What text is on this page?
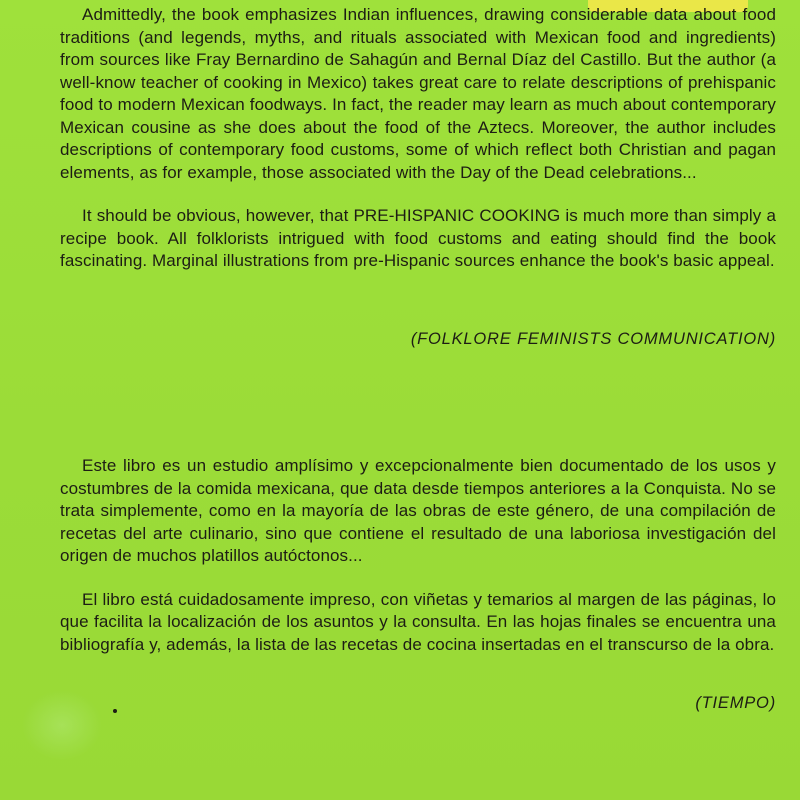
Admittedly, the book emphasizes Indian influences, drawing considerable data about food traditions (and legends, myths, and rituals associated with Mexican food and ingredients) from sources like Fray Bernardino de Sahagún and Bernal Díaz del Castillo. But the author (a well-know teacher of cooking in Mexico) takes great care to relate descriptions of prehispanic food to modern Mexican foodways. In fact, the reader may learn as much about contemporary Mexican cousine as she does about the food of the Aztecs. Moreover, the author includes descriptions of contemporary food customs, some of which reflect both Christian and pagan elements, as for example, those associated with the Day of the Dead celebrations...

It should be obvious, however, that PRE-HISPANIC COOKING is much more than simply a recipe book. All folklorists intrigued with food customs and eating should find the book fascinating. Marginal illustrations from pre-Hispanic sources enhance the book's basic appeal.

(FOLKLORE FEMINISTS COMMUNICATION)

Este libro es un estudio amplísimo y excepcionalmente bien documentado de los usos y costumbres de la comida mexicana, que data desde tiempos anteriores a la Conquista. No se trata simplemente, como en la mayoría de las obras de este género, de una compilación de recetas del arte culinario, sino que contiene el resultado de una laboriosa investigación del origen de muchos platillos autóctonos...

El libro está cuidadosamente impreso, con viñetas y temarios al margen de las páginas, lo que facilita la localización de los asuntos y la consulta. En las hojas finales se encuentra una bibliografía y, además, la lista de las recetas de cocina insertadas en el transcurso de la obra.

(TIEMPO)
